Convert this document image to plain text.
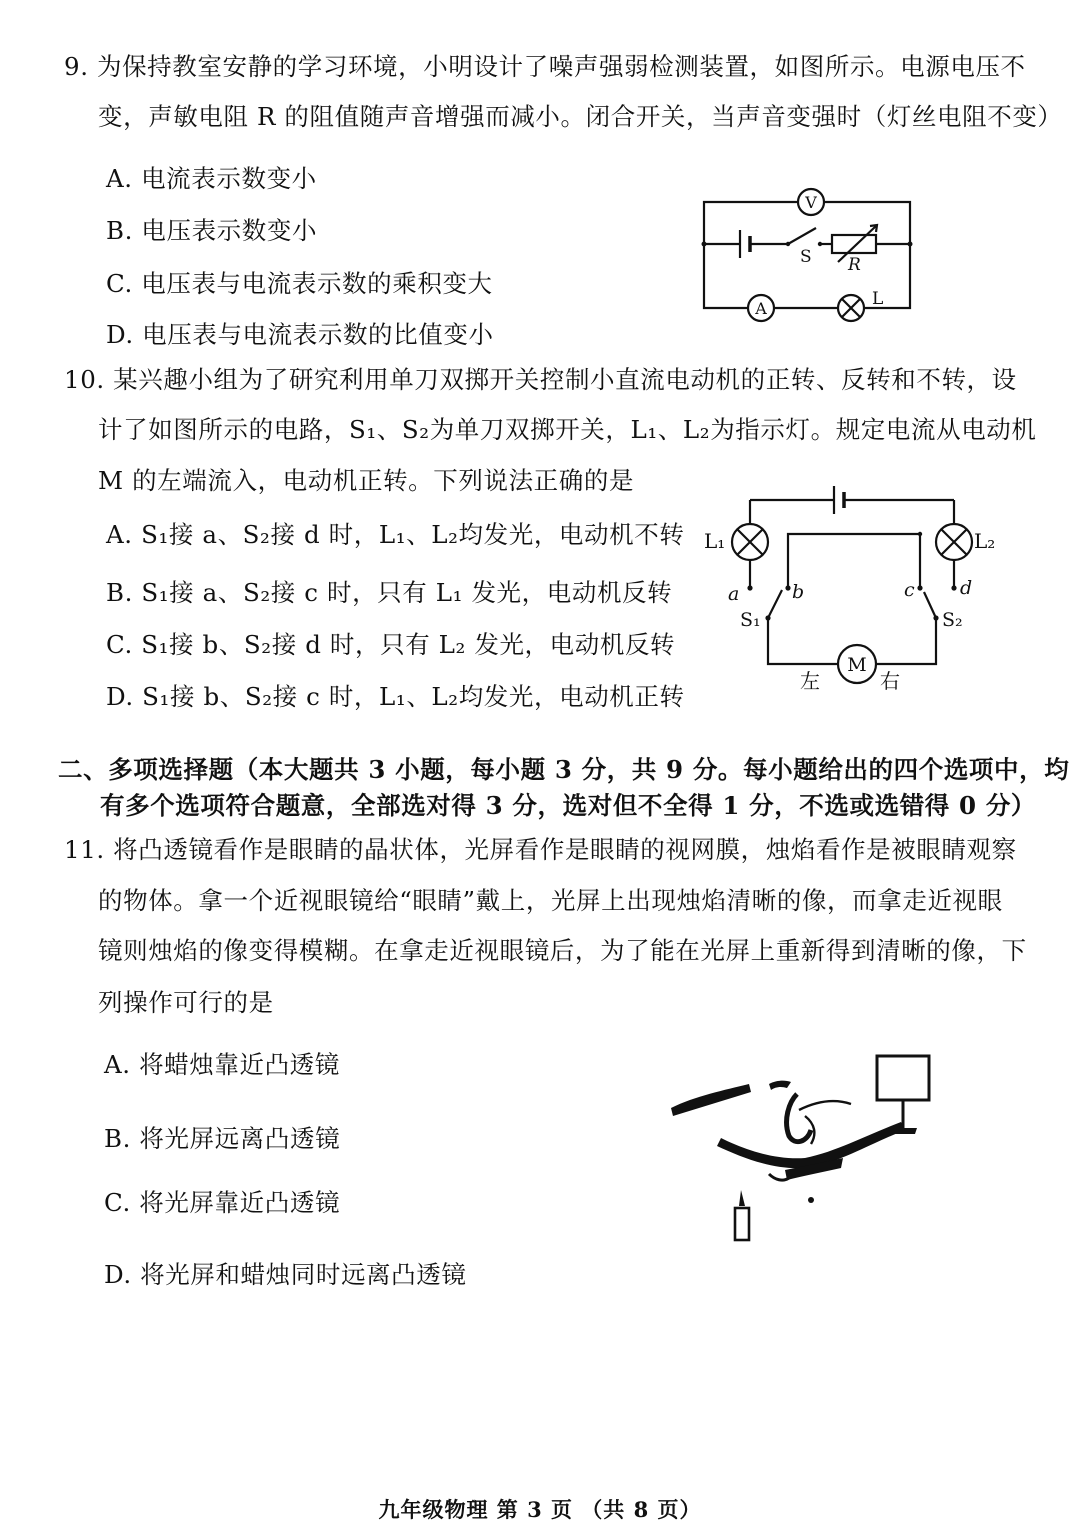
9. 为保持教室安静的学习环境，小明设计了噪声强弱检测装置，如图所示。电源电压不
变，声敏电阻 R 的阻值随声音增强而减小。闭合开关，当声音变强时（灯丝电阻不变）
A. 电流表示数变小
B. 电压表示数变小
C. 电压表与电流表示数的乘积变大
D. 电压表与电流表示数的比值变小
V
A
S R
L
10. 某兴趣小组为了研究利用单刀双掷开关控制小直流电动机的正转、反转和不转，设
计了如图所示的电路，S₁、S₂为单刀双掷开关，L₁、L₂为指示灯。规定电流从电动机
M 的左端流入，电动机正转。下列说法正确的是
A. S₁接 a、S₂接 d 时，L₁、L₂均发光，电动机不转
B. S₁接 a、S₂接 c 时，只有 L₁ 发光，电动机反转
C. S₁接 b、S₂接 d 时，只有 L₂ 发光，电动机反转
D. S₁接 b、S₂接 c 时，L₁、L₂均发光，电动机正转
L₁	L₂
a	b	c d
S₁	S₂
M
左	右
二、多项选择题（本大题共 3 小题，每小题 3 分，共 9 分。每小题给出的四个选项中，均
有多个选项符合题意，全部选对得 3 分，选对但不全得 1 分，不选或选错得 0 分）
11. 将凸透镜看作是眼睛的晶状体，光屏看作是眼睛的视网膜，烛焰看作是被眼睛观察
的物体。拿一个近视眼镜给“眼睛”戴上，光屏上出现烛焰清晰的像，而拿走近视眼
镜则烛焰的像变得模糊。在拿走近视眼镜后，为了能在光屏上重新得到清晰的像，下
列操作可行的是
A. 将蜡烛靠近凸透镜
B. 将光屏远离凸透镜
C. 将光屏靠近凸透镜
D. 将光屏和蜡烛同时远离凸透镜
九年级物理 第 3 页 （共 8 页）
